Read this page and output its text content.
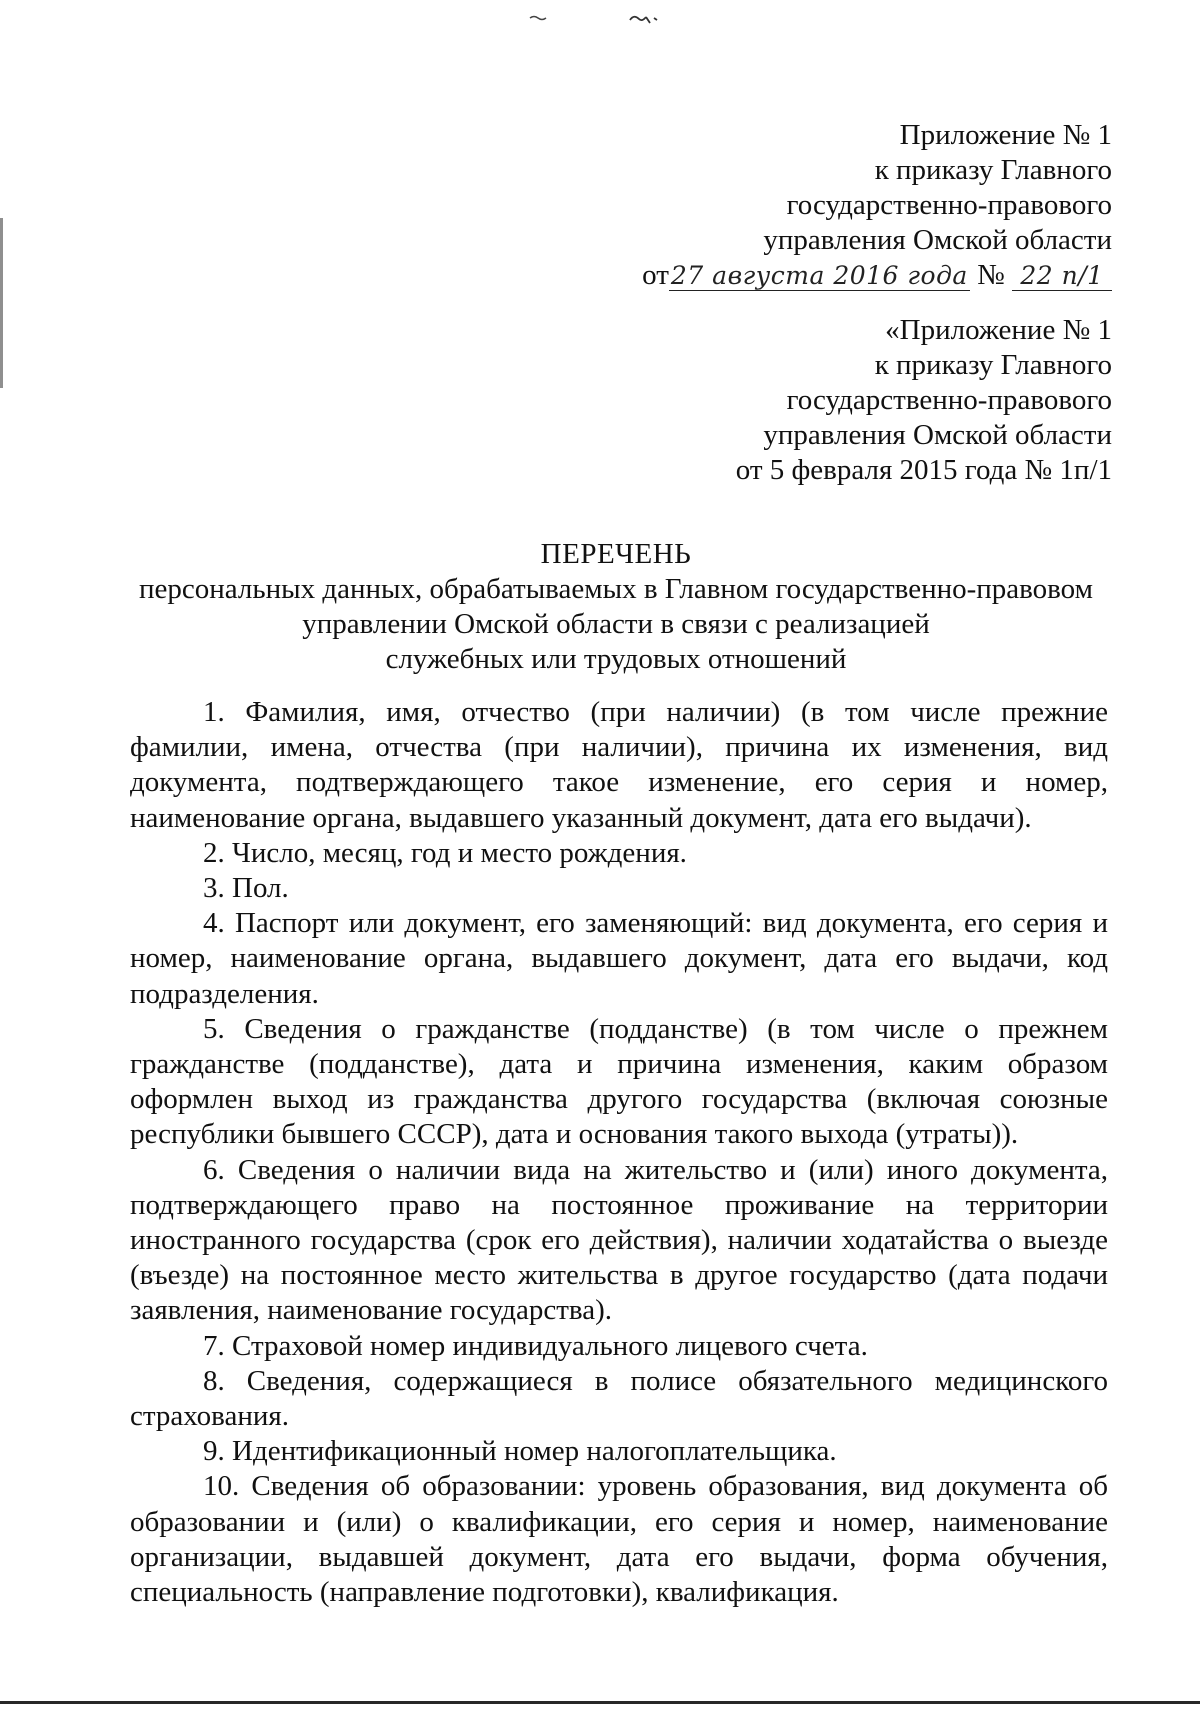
Приложение № 1
к приказу Главного
государственно-правового
управления Омской области
от27 августа 2016 года № 22 п/1
«Приложение № 1
к приказу Главного
государственно-правового
управления Омской области
от 5 февраля 2015 года № 1п/1
ПЕРЕЧЕНЬ
персональных данных, обрабатываемых в Главном государственно-правовом
управлении Омской области в связи с реализацией
служебных или трудовых отношений

1. Фамилия, имя, отчество (при наличии) (в том числе прежние фамилии, имена, отчества (при наличии), причина их изменения, вид документа, подтверждающего такое изменение, его серия и номер, наименование органа, выдавшего указанный документ, дата его выдачи).

2. Число, месяц, год и место рождения.

3. Пол.

4. Паспорт или документ, его заменяющий: вид документа, его серия и номер, наименование органа, выдавшего документ, дата его выдачи, код подразделения.

5. Сведения о гражданстве (подданстве) (в том числе о прежнем гражданстве (подданстве), дата и причина изменения, каким образом оформлен выход из гражданства другого государства (включая союзные республики бывшего СССР), дата и основания такого выхода (утраты)).

6. Сведения о наличии вида на жительство и (или) иного документа, подтверждающего право на постоянное проживание на территории иностранного государства (срок его действия), наличии ходатайства о выезде (въезде) на постоянное место жительства в другое государство (дата подачи заявления, наименование государства).

7. Страховой номер индивидуального лицевого счета.

8. Сведения, содержащиеся в полисе обязательного медицинского страхования.

9. Идентификационный номер налогоплательщика.

10. Сведения об образовании: уровень образования, вид документа об образовании и (или) о квалификации, его серия и номер, наименование организации, выдавшей документ, дата его выдачи, форма обучения, специальность (направление подготовки), квалификация.
